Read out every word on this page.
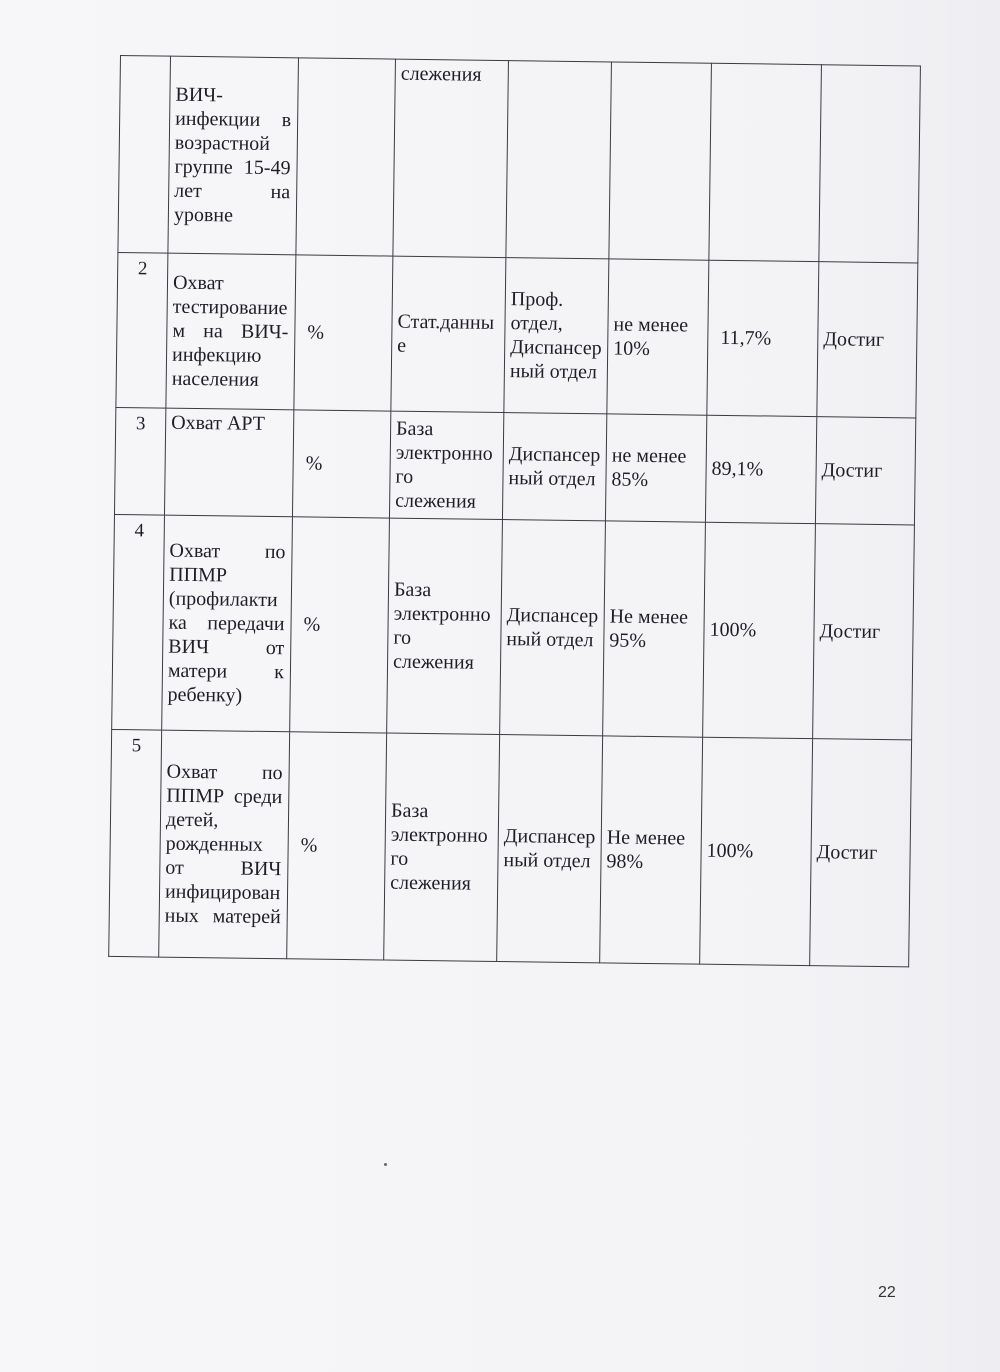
	ВИЧ-инфекции в возрастной группе 15-49 лет на уровне		слежения				
2	Охват тестированием на ВИЧ-инфекцию населения	%	Стат.данные	Проф. отдел, Диспансерный отдел	не менее 10%	11,7%	Достиг
3	Охват АРТ	%	База электронного слежения	Диспансерный отдел	не менее 85%	89,1%	Достиг
4	Охват по ППМР (профилактика передачи ВИЧ от матери к ребенку)	%	База электронного слежения	Диспансерный отдел	Не менее 95%	100%	Достиг
5	Охват по ППМР среди детей, рожденных от ВИЧ инфицированных матерей	%	База электронного слежения	Диспансерный отдел	Не менее 98%	100%	Достиг
22
